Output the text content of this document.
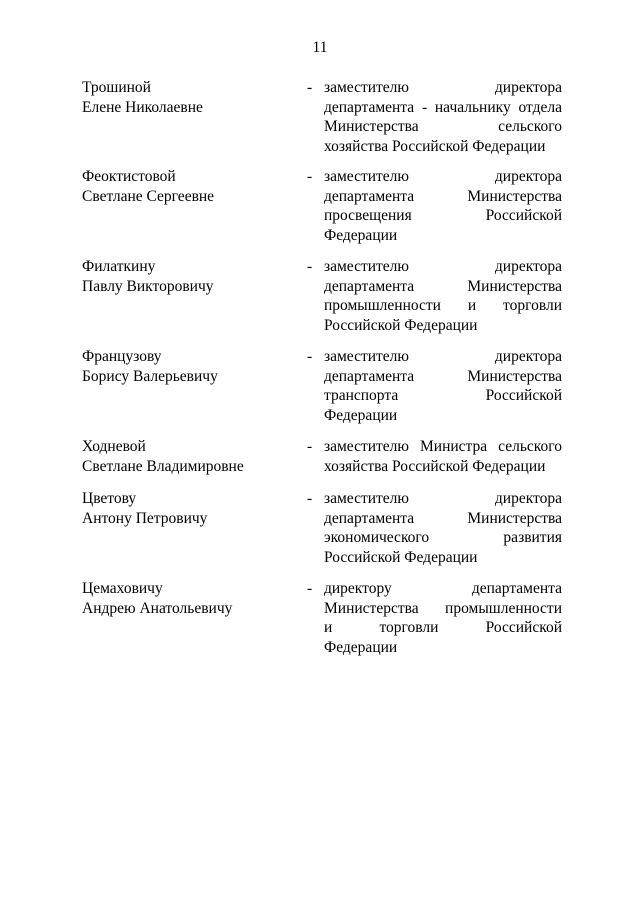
11
Трошиной
Елене Николаевне
- заместителю директора
департамента - начальнику отдела
Министерства сельского
хозяйства Российской Федерации
Феоктистовой
Светлане Сергеевне
- заместителю директора
департамента Министерства
просвещения Российской
Федерации
Филаткину
Павлу Викторовичу
- заместителю директора
департамента Министерства
промышленности и торговли
Российской Федерации
Французову
Борису Валерьевичу
- заместителю директора
департамента Министерства
транспорта Российской
Федерации
Ходневой
Светлане Владимировне
- заместителю Министра сельского
хозяйства Российской Федерации
Цветову
Антону Петровичу
- заместителю директора
департамента Министерства
экономического развития
Российской Федерации
Цемаховичу
Андрею Анатольевичу
- директору департамента
Министерства промышленности
и торговли Российской
Федерации
